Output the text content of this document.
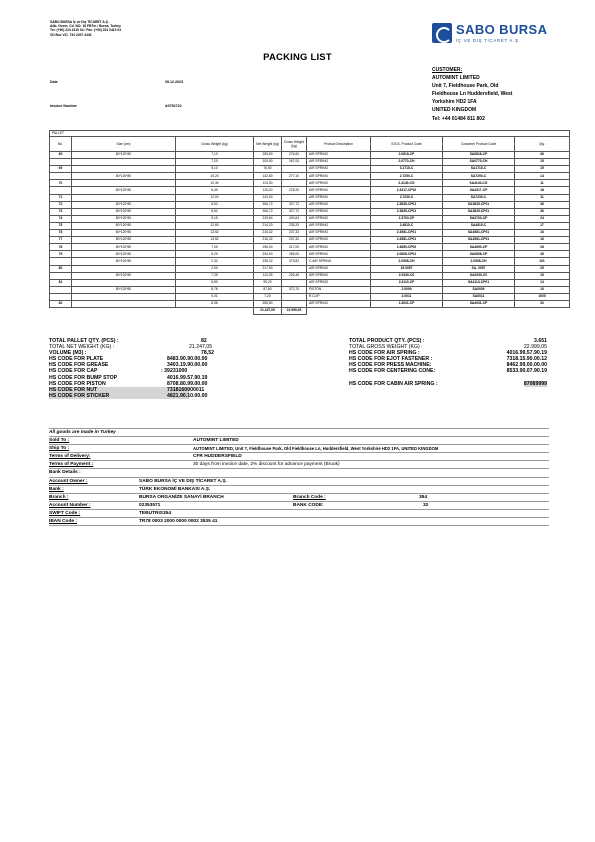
SABO BURSA İç ve Dış TİCARET A.Ş.
Adb. Gvcm. Cd. NO: 18 FBTm / Bursa, Turkey
Tel: (+90) 224 2410 04 / Fax: (+90) 224 2410 04
VD Bsv V.D. 734 2407 4443	SABO BURSA
İÇ VE DIŞ TİCARET A.Ş.
PACKING LIST
CUSTOMER:
AUTOMINT LIMITED
Unit 7, Fieldhouse Park, Old
Fieldhouse Ln Huddersfield, West
Yorkshire HD2 1FA
UNITED KINGDOM
Tel: +44 01484 811 802
Date	05.12.2023
Invoice Number	A0752722
PALLET								
No.	Size (cm)	Gross Weight (kg)	Net Weight (kg)	Gross Weight (kg)	Product Description	S.B.S. Product Code	Customer Product Code	Qty.
69	80*120*80	7,10	255,60	276,60	AIR SPRING	2.0818-CP	SA0818-CP	36
		7,20	109,50	267,00	AIR SPRING	2.0770-CH	SA0770-CH	15
69		5,10	76,50		AIR SPRING	3.1715-C	SA1715-C	15
	80*120*80	10,20	142,80	277,10	AIR SPRING	2.7250-C	SA7250-C	14
70		10,30	113,30		AIR SPRING	2.4140-CG	SA4140-CG	11
	80*120*80	6,40	115,20	278,20	AIR SPRING	2.4317-CP10	SA4317-CP	18
71		12,00	143,00		AIR SPRING	2.7230-C	SA7230-C	11
72	80*120*80	8,52	306,72	327,72	AIR SPRING	2.3835-CP01	SA3835-CP01	36
73	80*120*80	8,52	306,72	327,72	AIR SPRING	2.3835-CP01	SA3835-CP01	36
74	80*120*80	9,15	219,64	240,64	AIR SPRING	2.3703-CP	SA3703-CP	24
75	80*120*80	12,60	214,20	235,20	AIR SPRING	2.4815-C	SA4815-C	17
76	80*120*80	13,52	216,32	237,32	AIR SPRING	2.4581-CP01	SA4581-CP01	16
77	80*120*80	13,52	216,32	237,32	AIR SPRING	2.4581-CP01	SA4581-CP01	16
78	80*120*80	7,00	196,00	217,00	AIR SPRING	2.4850-CP00	SA4850-CP	28
79	80*120*80	5,20	234,00	255,00	AIR SPRING	2.0808-CP01	SA0808-CP	45
	80*120*80	2,32	235,32	373,82	C.AIR SPRING	2.0508-CH	2.0508-CH	101
80		2,90	217,50		AIR SPRING	19.0057	SA. 0057	25
	80*120*80	7,35	110,25	226,45	AIR SPRING	2.0330-C0	SA0330-C0	15
81		6,80	95,20		AIR SPRING	2.4113-CP	SA4113-CP01	14
	80*120*80	8,76	87,60	372,70	PISTON	2.0009	SA0009	10
		0,01	7,20		R.CLIP	2.0011	SA0011	1000
82		8,56	256,80		AIR SPRING	2.4031-CP	SA4031-CP	30
			21.247,05	22.999,05				
TOTAL PALLET QTY. (PCS) :	82	TOTAL PRODUCT QTY. (PCS) :	3.651
TOTAL NET WEIGHT (KG) :	21.247,05	TOTAL GROSS WEIGHT (KG) :	22.999,05
VOLUME (M3) :	78,52	HS CODE FOR AIR SPRING :	4016.99.57.90.19
HS CODE FOR PLATE	8483.90.90.00.00	HS CODE FOR EJOT FASTENER :	7318.15.90.00.12
HS CODE FOR GREASE	3403.19.90.00.00	HS CODE FOR PRESS MACHINE:	8462.99.00.00.00
HS CODE FOR CAP	: 39231000	HS CODE FOR CENTERING CONE:	8533.90.07.90.19
HS CODE FOR BUMP STOP	4016.99.57.90.19
HS CODE FOR PISTON	8708.80.99.00.00	HS CODE FOR CABIN AIR SPRING :	87089999
HS CODE FOR NUT	7318160000011
HS CODE FOR STICKER	4821.90.10.00.00
All goods are made in Turkey
Sold To :	AUTOMINT LIMITED
Ship To :	AUTOMINT LIMITED, Unit 7, Fieldhouse Park, Old Fieldhouse Ln, Huddersfield, West Yorkshire HD2 1FA, UNITED KINGDOM
Terms of Delivery:	CFR HUDDERSFIELD
Terms of Payment :	30 days from invoice date, 2% discount for advance payment (Bruok)
Bank Details :
Account Owner :	SABO BURSA İÇ VE DIŞ TİCARET A.Ş.
Bank :	TÜRK EKONOMİ BANKASI A.Ş.
Branch :	BURSA ORGANİZE SANAYİ BRANCH	Branch Code :	354
Account Number :	02353571	BANK CODE:	32
SWIFT Code :	TEBUTRIS354
IBAN Code :	TR78 0003 2000 0000 0002 3535 41
